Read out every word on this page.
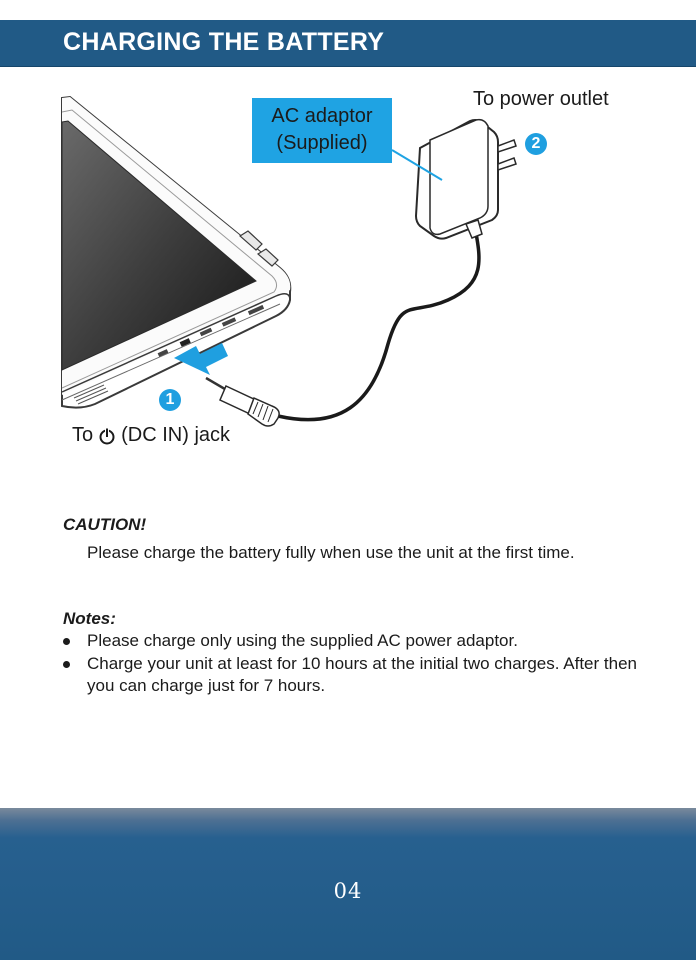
CHARGING THE BATTERY
AC adaptor
(Supplied)
To power outlet
2
1
To (DC IN) jack
CAUTION!
Please charge the battery fully when use the unit at the first time.
Notes:
Please charge only using the supplied AC power adaptor.
Charge your unit at least for 10 hours at the initial two charges. After then you can charge just for 7 hours.
04
